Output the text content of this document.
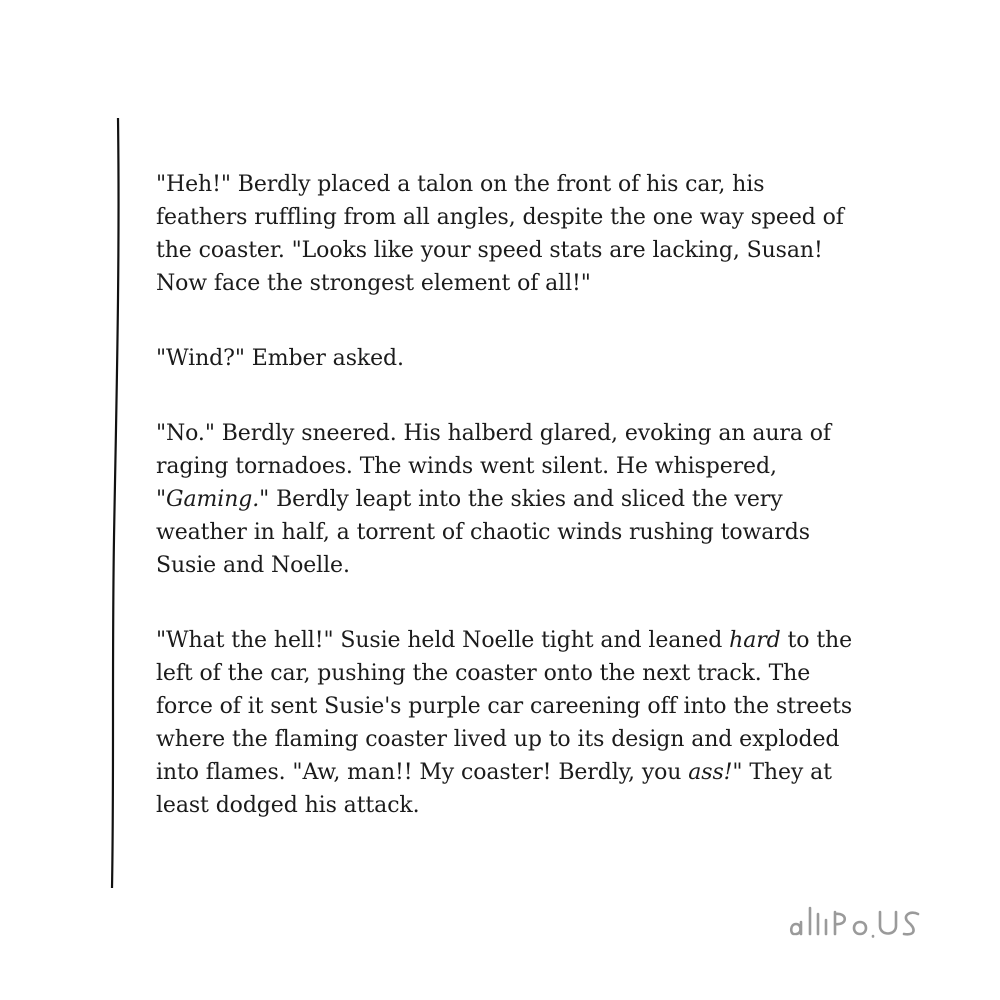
"Heh!" Berdly placed a talon on the front of his car, his
feathers ruffling from all angles, despite the one way speed of
the coaster. "Looks like your speed stats are lacking, Susan!
Now face the strongest element of all!"

"Wind?" Ember asked.

"No." Berdly sneered. His halberd glared, evoking an aura of
raging tornadoes. The winds went silent. He whispered,
"Gaming." Berdly leapt into the skies and sliced the very
weather in half, a torrent of chaotic winds rushing towards
Susie and Noelle.

"What the hell!" Susie held Noelle tight and leaned hard to the
left of the car, pushing the coaster onto the next track. The
force of it sent Susie's purple car careening off into the streets
where the flaming coaster lived up to its design and exploded
into flames. "Aw, man!! My coaster! Berdly, you ass!" They at
least dodged his attack.
